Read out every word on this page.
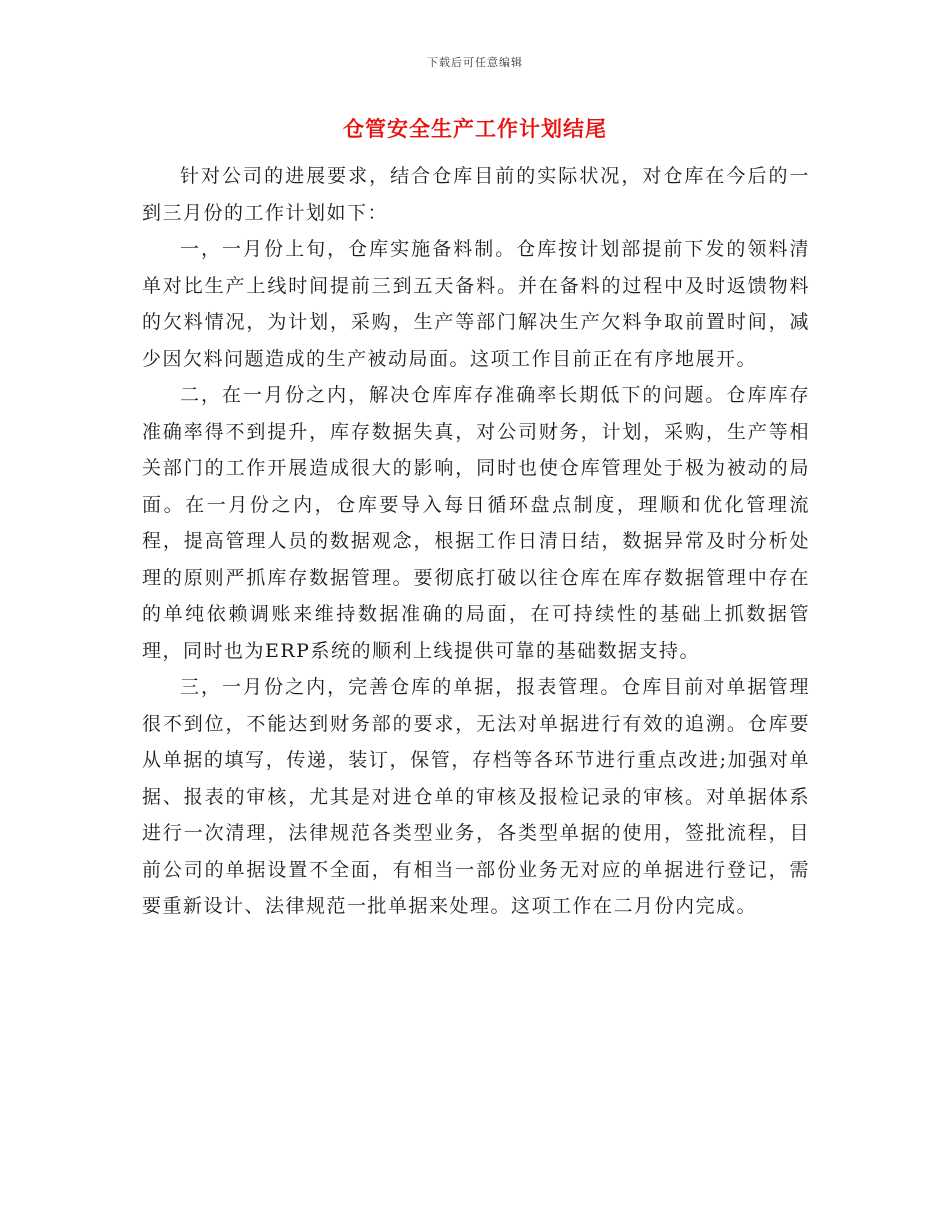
下载后可任意编辑
仓管安全生产工作计划结尾

针对公司的进展要求，结合仓库目前的实际状况，对仓库在今后的一到三月份的工作计划如下：

一，一月份上旬，仓库实施备料制。仓库按计划部提前下发的领料清单对比生产上线时间提前三到五天备料。并在备料的过程中及时返馈物料的欠料情况，为计划，采购，生产等部门解决生产欠料争取前置时间，减少因欠料问题造成的生产被动局面。这项工作目前正在有序地展开。

二，在一月份之内，解决仓库库存准确率长期低下的问题。仓库库存准确率得不到提升，库存数据失真，对公司财务，计划，采购，生产等相关部门的工作开展造成很大的影响，同时也使仓库管理处于极为被动的局面。在一月份之内，仓库要导入每日循环盘点制度，理顺和优化管理流程，提高管理人员的数据观念，根据工作日清日结，数据异常及时分析处理的原则严抓库存数据管理。要彻底打破以往仓库在库存数据管理中存在的单纯依赖调账来维持数据准确的局面，在可持续性的基础上抓数据管理，同时也为ERP系统的顺利上线提供可靠的基础数据支持。

三，一月份之内，完善仓库的单据，报表管理。仓库目前对单据管理很不到位，不能达到财务部的要求，无法对单据进行有效的追溯。仓库要从单据的填写，传递，装订，保管，存档等各环节进行重点改进;加强对单据、报表的审核，尤其是对进仓单的审核及报检记录的审核。对单据体系进行一次清理，法律规范各类型业务，各类型单据的使用，签批流程，目前公司的单据设置不全面，有相当一部份业务无对应的单据进行登记，需要重新设计、法律规范一批单据来处理。这项工作在二月份内完成。
